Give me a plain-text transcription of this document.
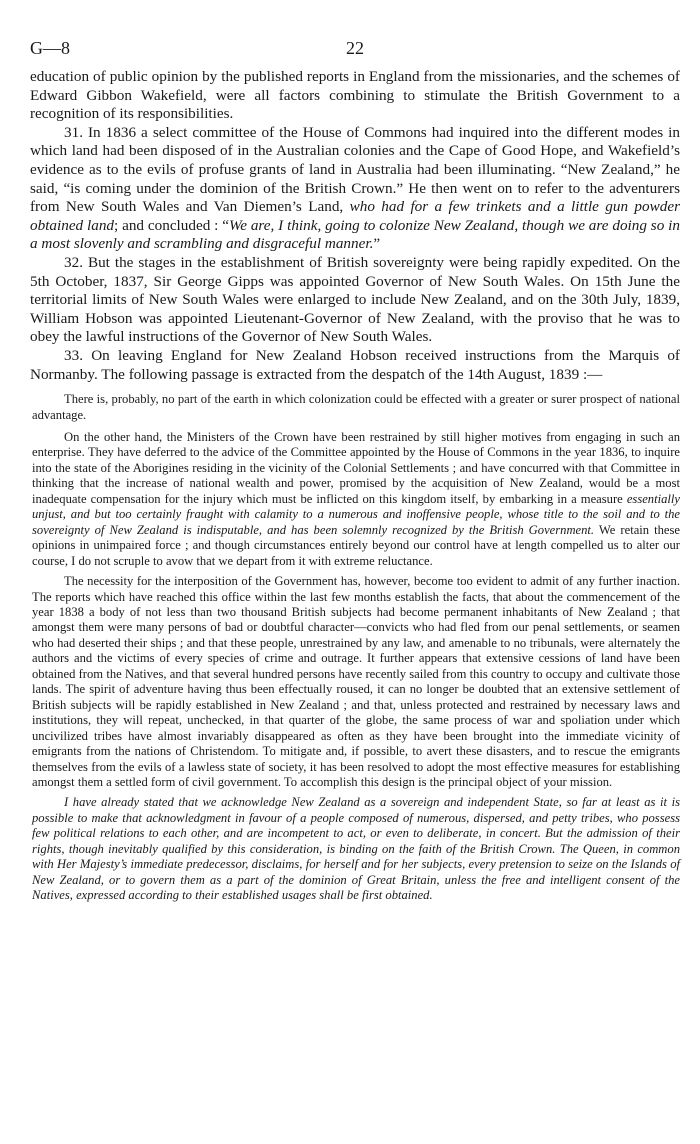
G—8	22

education of public opinion by the published reports in England from the missionaries, and the schemes of Edward Gibbon Wakefield, were all factors combining to stimulate the British Government to a recognition of its responsibilities.

31. In 1836 a select committee of the House of Commons had inquired into the different modes in which land had been disposed of in the Australian colonies and the Cape of Good Hope, and Wakefield’s evidence as to the evils of profuse grants of land in Australia had been illuminating. “New Zealand,” he said, “is coming under the dominion of the British Crown.” He then went on to refer to the adventurers from New South Wales and Van Diemen’s Land, who had for a few trinkets and a little gun powder obtained land; and concluded : “We are, I think, going to colonize New Zealand, though we are doing so in a most slovenly and scrambling and disgraceful manner.”

32. But the stages in the establishment of British sovereignty were being rapidly expedited. On the 5th October, 1837, Sir George Gipps was appointed Governor of New South Wales. On 15th June the territorial limits of New South Wales were enlarged to include New Zealand, and on the 30th July, 1839, William Hobson was appointed Lieutenant-Governor of New Zealand, with the proviso that he was to obey the lawful instructions of the Governor of New South Wales.

33. On leaving England for New Zealand Hobson received instructions from the Marquis of Normanby. The following passage is extracted from the despatch of the 14th August, 1839 :—

There is, probably, no part of the earth in which colonization could be effected with a greater or surer prospect of national advantage.

On the other hand, the Ministers of the Crown have been restrained by still higher motives from engaging in such an enterprise. They have deferred to the advice of the Committee appointed by the House of Commons in the year 1836, to inquire into the state of the Aborigines residing in the vicinity of the Colonial Settlements ; and have concurred with that Committee in thinking that the increase of national wealth and power, promised by the acquisition of New Zealand, would be a most inadequate compensation for the injury which must be inflicted on this kingdom itself, by embarking in a measure essentially unjust, and but too certainly fraught with calamity to a numerous and inoffensive people, whose title to the soil and to the sovereignty of New Zealand is indisputable, and has been solemnly recognized by the British Government. We retain these opinions in unimpaired force ; and though circumstances entirely beyond our control have at length compelled us to alter our course, I do not scruple to avow that we depart from it with extreme reluctance.

The necessity for the interposition of the Government has, however, become too evident to admit of any further inaction. The reports which have reached this office within the last few months establish the facts, that about the commencement of the year 1838 a body of not less than two thousand British subjects had become permanent inhabitants of New Zealand ; that amongst them were many persons of bad or doubtful character—convicts who had fled from our penal settlements, or seamen who had deserted their ships ; and that these people, unrestrained by any law, and amenable to no tribunals, were alternately the authors and the victims of every species of crime and outrage. It further appears that extensive cessions of land have been obtained from the Natives, and that several hundred persons have recently sailed from this country to occupy and cultivate those lands. The spirit of adventure having thus been effectually roused, it can no longer be doubted that an extensive settlement of British subjects will be rapidly established in New Zealand ; and that, unless protected and restrained by necessary laws and institutions, they will repeat, unchecked, in that quarter of the globe, the same process of war and spoliation under which uncivilized tribes have almost invariably disappeared as often as they have been brought into the immediate vicinity of emigrants from the nations of Christendom. To mitigate and, if possible, to avert these disasters, and to rescue the emigrants themselves from the evils of a lawless state of society, it has been resolved to adopt the most effective measures for establishing amongst them a settled form of civil government. To accomplish this design is the principal object of your mission.

I have already stated that we acknowledge New Zealand as a sovereign and independent State, so far at least as it is possible to make that acknowledgment in favour of a people composed of numerous, dispersed, and petty tribes, who possess few political relations to each other, and are incompetent to act, or even to deliberate, in concert. But the admission of their rights, though inevitably qualified by this consideration, is binding on the faith of the British Crown. The Queen, in common with Her Majesty’s immediate predecessor, disclaims, for herself and for her subjects, every pretension to seize on the Islands of New Zealand, or to govern them as a part of the dominion of Great Britain, unless the free and intelligent consent of the Natives, expressed according to their established usages shall be first obtained.
